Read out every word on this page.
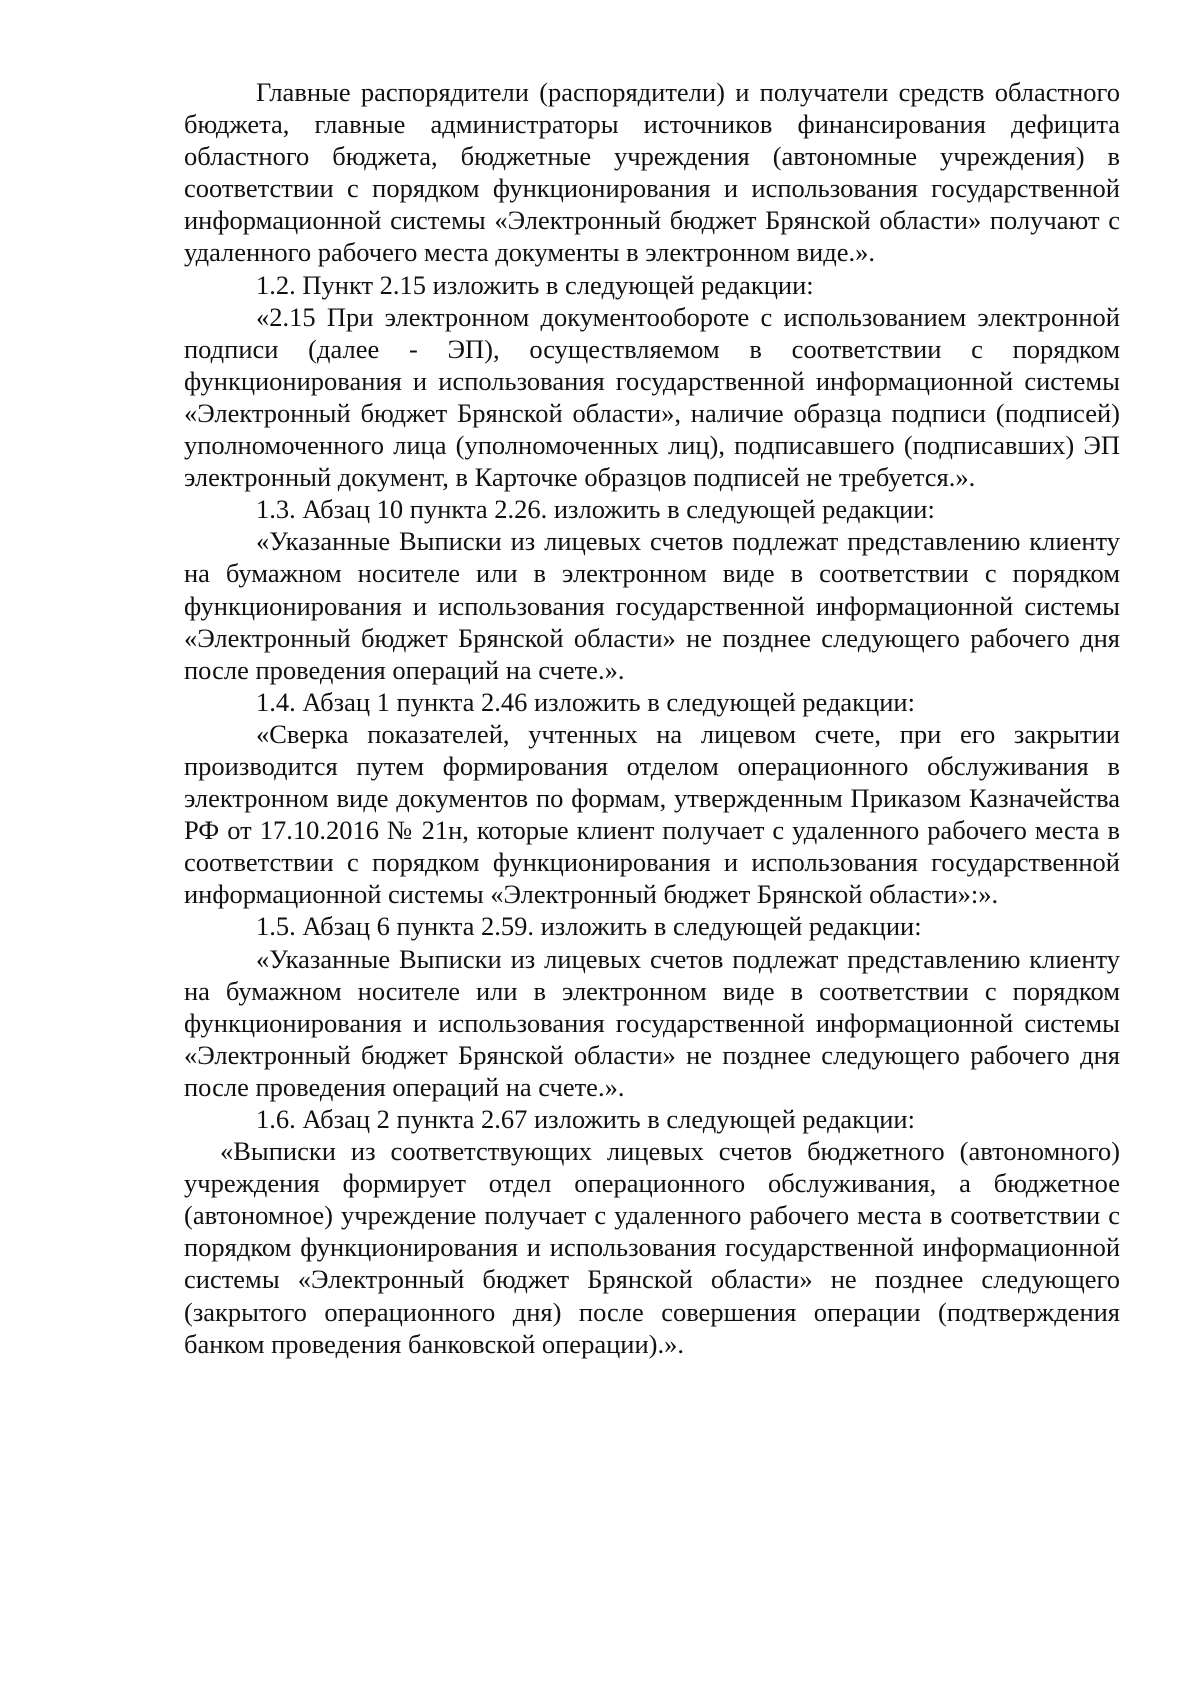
Главные распорядители (распорядители) и получатели средств областного бюджета, главные администраторы источников финансирования дефицита областного бюджета, бюджетные учреждения (автономные учреждения) в соответствии с порядком функционирования и использования государственной информационной системы «Электронный бюджет Брянской области» получают с удаленного рабочего места документы в электронном виде.».

1.2. Пункт 2.15 изложить в следующей редакции:

«2.15 При электронном документообороте с использованием электронной подписи (далее - ЭП), осуществляемом в соответствии с порядком функционирования и использования государственной информационной системы «Электронный бюджет Брянской области», наличие образца подписи (подписей) уполномоченного лица (уполномоченных лиц), подписавшего (подписавших) ЭП электронный документ, в Карточке образцов подписей не требуется.».

1.3. Абзац 10 пункта 2.26. изложить в следующей редакции:

«Указанные Выписки из лицевых счетов подлежат представлению клиенту на бумажном носителе или в электронном виде в соответствии с порядком функционирования и использования государственной информационной системы «Электронный бюджет Брянской области» не позднее следующего рабочего дня после проведения операций на счете.».

1.4. Абзац 1 пункта 2.46 изложить в следующей редакции:

«Сверка показателей, учтенных на лицевом счете, при его закрытии производится путем формирования отделом операционного обслуживания в электронном виде документов по формам, утвержденным Приказом Казначейства РФ от 17.10.2016 № 21н, которые клиент получает с удаленного рабочего места в соответствии с порядком функционирования и использования государственной информационной системы «Электронный бюджет Брянской области»:».

1.5. Абзац 6 пункта 2.59. изложить в следующей редакции:

«Указанные Выписки из лицевых счетов подлежат представлению клиенту на бумажном носителе или в электронном виде в соответствии с порядком функционирования и использования государственной информационной системы «Электронный бюджет Брянской области» не позднее следующего рабочего дня после проведения операций на счете.».

1.6. Абзац 2 пункта 2.67 изложить в следующей редакции:

«Выписки из соответствующих лицевых счетов бюджетного (автономного) учреждения формирует отдел операционного обслуживания, а бюджетное (автономное) учреждение получает с удаленного рабочего места в соответствии с порядком функционирования и использования государственной информационной системы «Электронный бюджет Брянской области» не позднее следующего (закрытого операционного дня) после совершения операции (подтверждения банком проведения банковской операции).».
